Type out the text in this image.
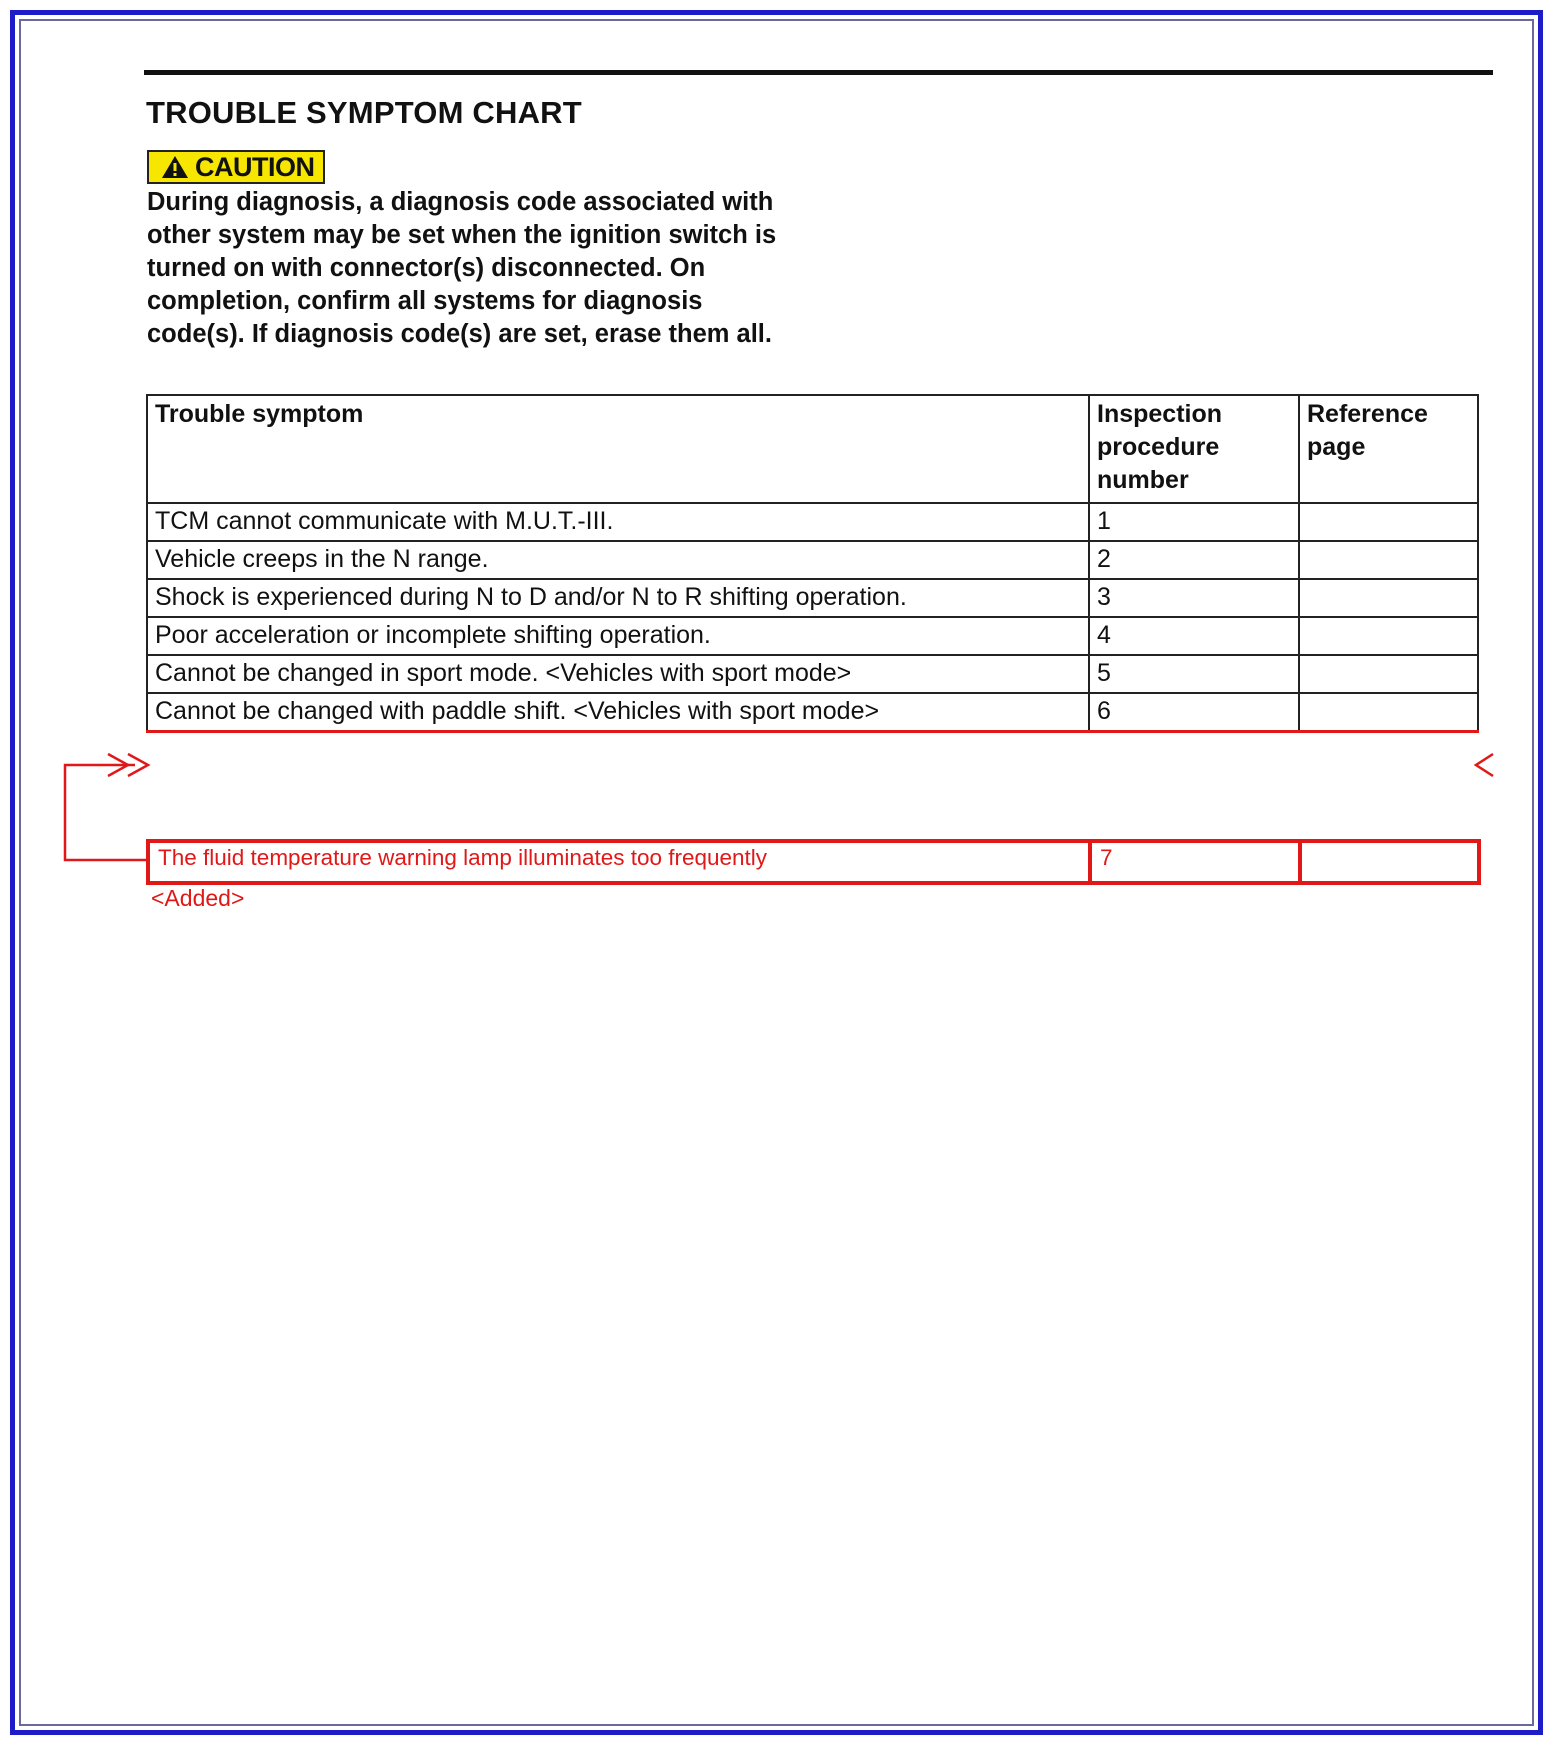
TROUBLE SYMPTOM CHART
CAUTION

During diagnosis, a diagnosis code associated with other system may be set when the ignition switch is turned on with connector(s) disconnected. On completion, confirm all systems for diagnosis code(s). If diagnosis code(s) are set, erase them all.

Trouble symptom	Inspection procedure number	Reference page
TCM cannot communicate with M.U.T.-III.	1	
Vehicle creeps in the N range.	2	
Shock is experienced during N to D and/or N to R shifting operation.	3	
Poor acceleration or incomplete shifting operation.	4	
Cannot be changed in sport mode. <Vehicles with sport mode>	5	
Cannot be changed with paddle shift. <Vehicles with sport mode>	6	
The fluid temperature warning lamp illuminates too frequently	7	
<Added>
